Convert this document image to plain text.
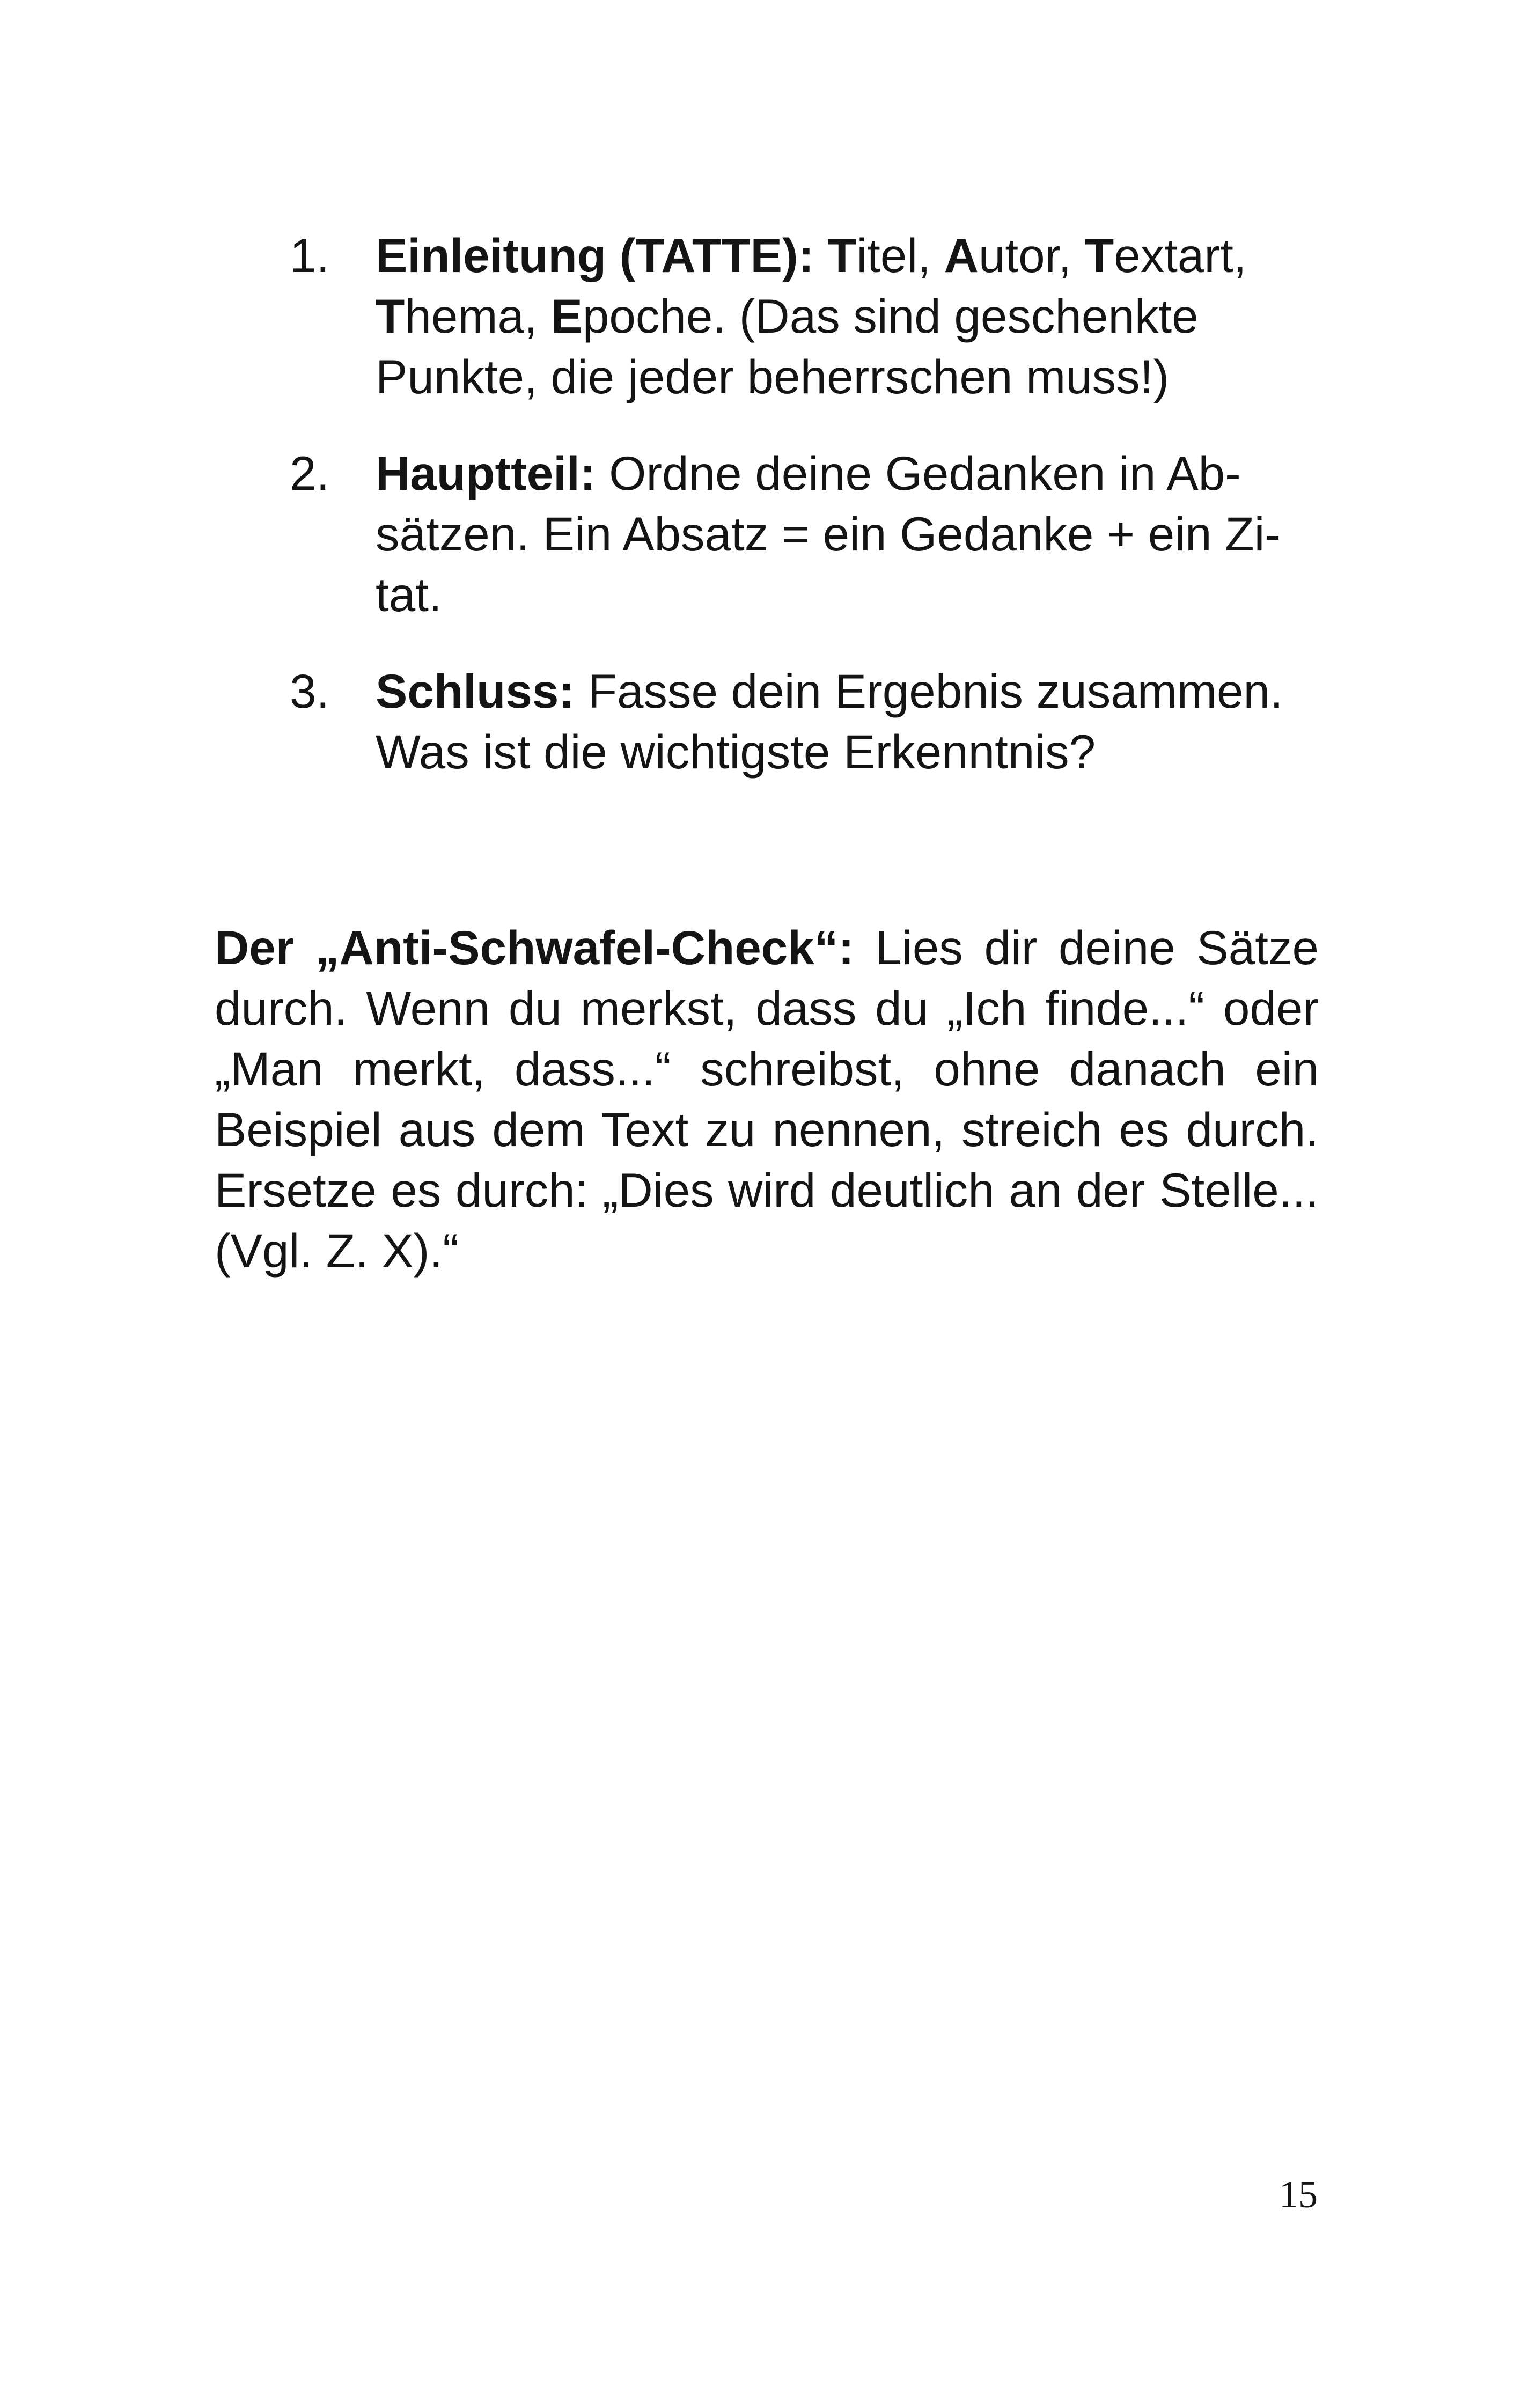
1. Einleitung (TATTE): Titel, Autor, Textart, Thema, Epoche. (Das sind geschenkte Punkte, die jeder beherrschen muss!)
2. Hauptteil: Ordne deine Gedanken in Absätzen. Ein Absatz = ein Gedanke + ein Zitat.
3. Schluss: Fasse dein Ergebnis zusammen. Was ist die wichtigste Erkenntnis?

Der „Anti-Schwafel-Check“: Lies dir deine Sätze durch. Wenn du merkst, dass du „Ich finde...“ oder „Man merkt, dass...“ schreibst, ohne danach ein Beispiel aus dem Text zu nennen, streich es durch. Ersetze es durch: „Dies wird deutlich an der Stelle... (Vgl. Z. X).“

15
